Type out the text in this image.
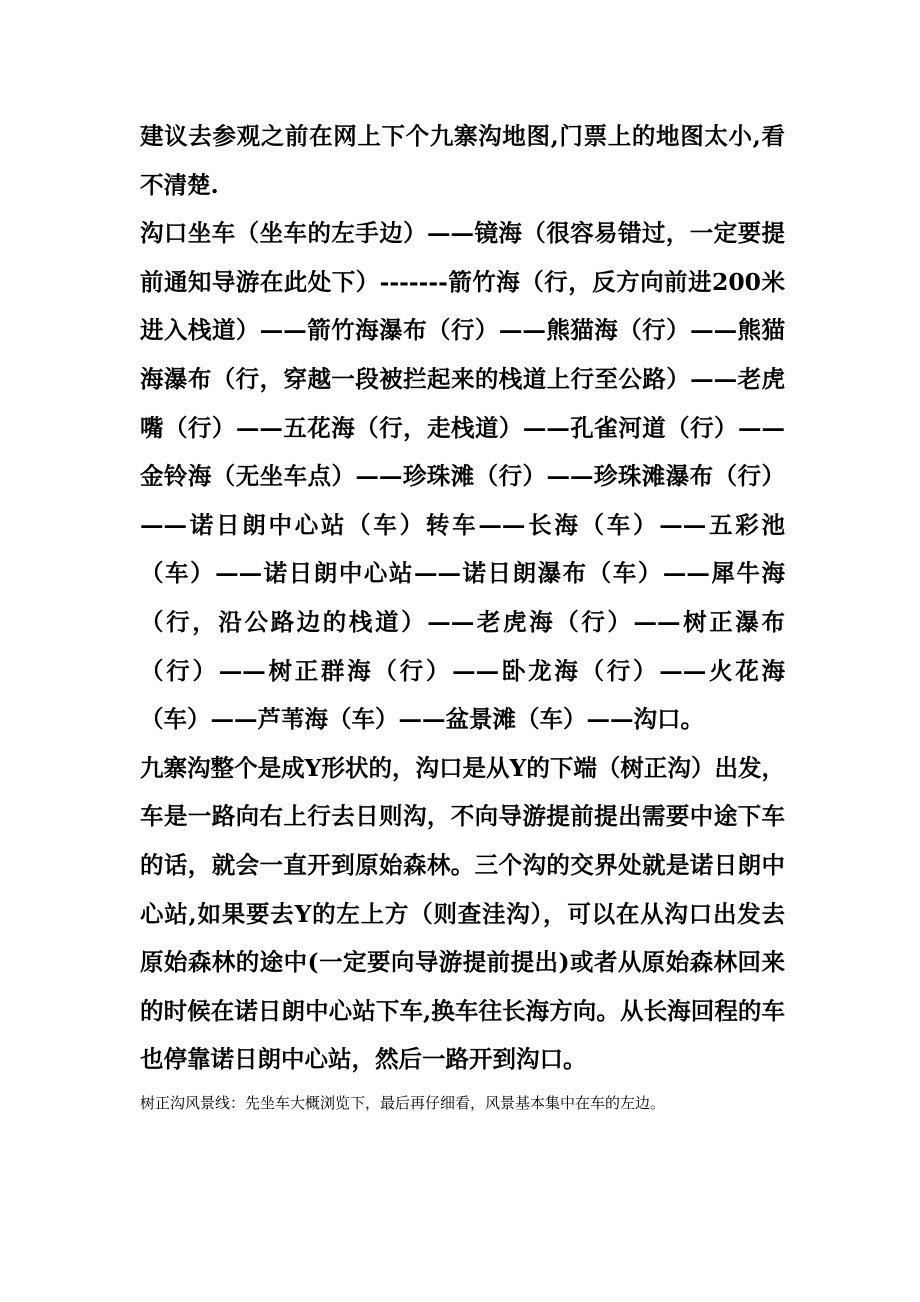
建议去参观之前在网上下个九寨沟地图,门票上的地图太小,看不清楚.

沟口坐车（坐车的左手边）——镜海（很容易错过，一定要提前通知导游在此处下）-------箭竹海（行，反方向前进200米进入栈道）——箭竹海瀑布（行）——熊猫海（行）——熊猫海瀑布（行，穿越一段被拦起来的栈道上行至公路）——老虎嘴（行）——五花海（行，走栈道）——孔雀河道（行）——金铃海（无坐车点）——珍珠滩（行）——珍珠滩瀑布（行）——诺日朗中心站（车）转车——长海（车）——五彩池（车）——诺日朗中心站——诺日朗瀑布（车）——犀牛海（行，沿公路边的栈道）——老虎海（行）——树正瀑布（行）——树正群海（行）——卧龙海（行）——火花海（车）——芦苇海（车）——盆景滩（车）——沟口。

九寨沟整个是成Y形状的，沟口是从Y的下端（树正沟）出发，车是一路向右上行去日则沟，不向导游提前提出需要中途下车的话，就会一直开到原始森林。三个沟的交界处就是诺日朗中心站,如果要去Y的左上方（则查洼沟），可以在从沟口出发去原始森林的途中(一定要向导游提前提出)或者从原始森林回来的时候在诺日朗中心站下车,换车往长海方向。从长海回程的车也停靠诺日朗中心站，然后一路开到沟口。

树正沟风景线：先坐车大概浏览下，最后再仔细看，风景基本集中在车的左边。
